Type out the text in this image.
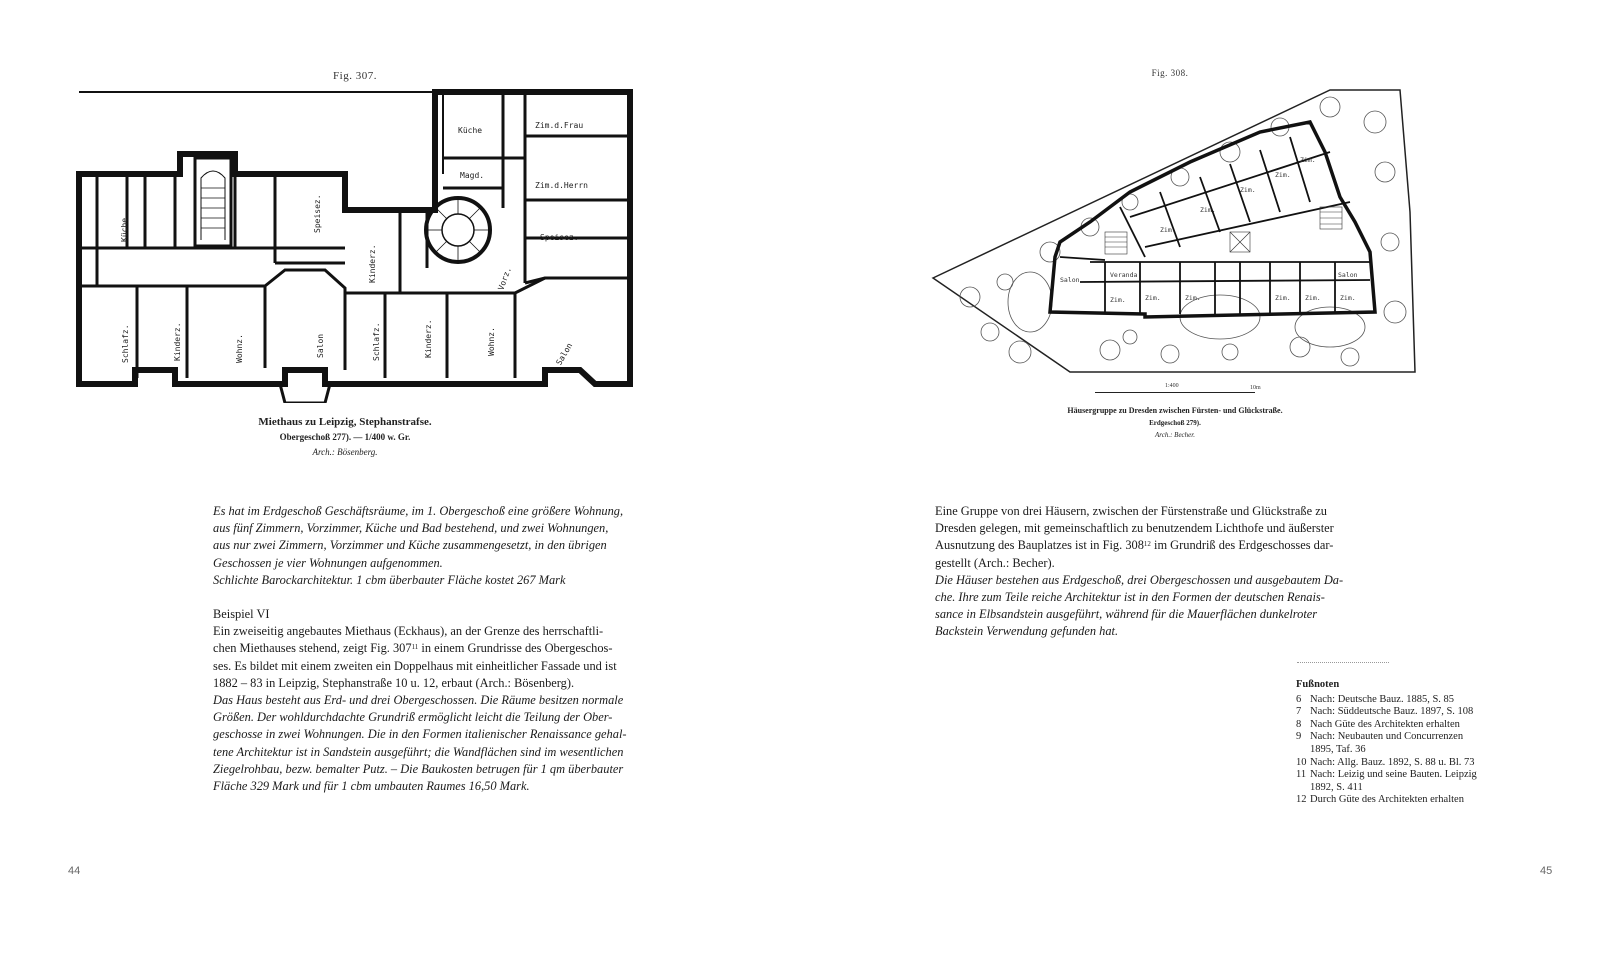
Fig. 307.
Küche
Zim.d.Frau
Magd.
Zim.d.Herrn
Speisez.
Küche
Schlafz.	Kinderz.	Wohnz.	Salon
Speisez.
Kinderz.
Schlafz.	Kinderz.	Wohnz.	Salon
Vorz.
Miethaus zu Leipzig, Stephanstrafse.
Obergeschoß 277). — 1/400 w. Gr.
Arch.: Bösenberg.

Es hat im Erdgeschoß Geschäftsräume, im 1. Obergeschoß eine größere Wohnung,

aus fünf Zimmern, Vorzimmer, Küche und Bad bestehend, und zwei Wohnungen,

aus nur zwei Zimmern, Vorzimmer und Küche zusammengesetzt, in den übrigen

Geschossen je vier Wohnungen aufgenommen.

Schlichte Barockarchitektur. 1 cbm überbauter Fläche kostet 267 Mark

Beispiel VI

Ein zweiseitig angebautes Miethaus (Eckhaus), an der Grenze des herrschaftli-

chen Miethauses stehend, zeigt Fig. $307^{11}$ in einem Grundrisse des Obergeschos-

ses. Es bildet mit einem zweiten ein Doppelhaus mit einheitlicher Fassade und ist

1882 – 83 in Leipzig, Stephanstraße 10 u. 12, erbaut (Arch.: Bösenberg).

Das Haus besteht aus Erd- und drei Obergeschossen. Die Räume besitzen normale

Größen. Der wohldurchdachte Grundriß ermöglicht leicht die Teilung der Ober-

geschosse in zwei Wohnungen. Die in den Formen italienischer Renaissance gehal-

tene Architektur ist in Sandstein ausgeführt; die Wandflächen sind im wesentlichen

Ziegelrohbau, bezw. bemalter Putz. – Die Baukosten betrugen für 1 qm überbauter

Fläche 329 Mark und für 1 cbm umbauten Raumes 16,50 Mark.

44
Fig. 308.
Salon
Veranda
Zim.	Zim.	Zim.	Zim. Zim.
Salon
Zim.
Zim.
Zim.
Zim.
Zim.
Zim.
1:400	10m
Häusergruppe zu Dresden zwischen Fürsten- und Glückstraße.
Erdgeschoß 279).
Arch.: Becher.

Eine Gruppe von drei Häusern, zwischen der Fürstenstraße und Glückstraße zu

Dresden gelegen, mit gemeinschaftlich zu benutzendem Lichthofe und äußerster

Ausnutzung des Bauplatzes ist in Fig. $308^{12}$ im Grundriß des Erdgeschosses dar-

gestellt (Arch.: Becher).

Die Häuser bestehen aus Erdgeschoß, drei Obergeschossen und ausgebautem Da-

che. Ihre zum Teile reiche Architektur ist in den Formen der deutschen Renais-

sance in Elbsandstein ausgeführt, während für die Mauerflächen dunkelroter

Backstein Verwendung gefunden hat.

Fußnoten
6 Nach: Deutsche Bauz. 1885, S. 85
7 Nach: Süddeutsche Bauz. 1897, S. 108
8 Nach Güte des Architekten erhalten
9 Nach: Neubauten und Concurrenzen
1895, Taf. 36
10 Nach: Allg. Bauz. 1892, S. 88 u. Bl. 73
11 Nach: Leizig und seine Bauten. Leipzig
1892, S. 411
12 Durch Güte des Architekten erhalten
45
